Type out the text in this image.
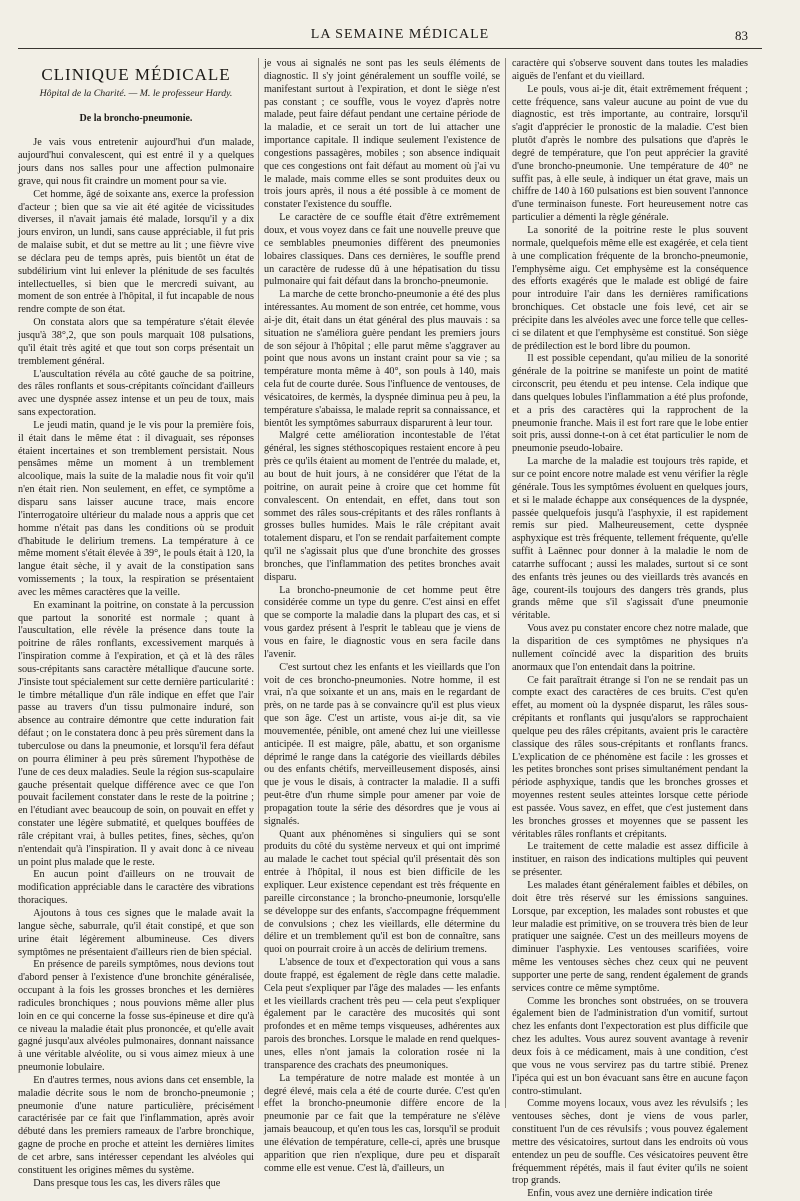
LA SEMAINE MÉDICALE	83
CLINIQUE MÉDICALE
Hôpital de la Charité. — M. le professeur Hardy.
De la broncho-pneumonie.

Je vais vous entretenir aujourd'hui d'un malade, aujourd'hui convalescent, qui est entré il y a quelques jours dans nos salles pour une affection pulmonaire grave, qui nous fit craindre un moment pour sa vie.

Cet homme, âgé de soixante ans, exerce la profession d'acteur ; bien que sa vie ait été agitée de vicissitudes diverses, il n'avait jamais été malade, lorsqu'il y a dix jours environ, un lundi, sans cause appréciable, il fut pris de malaise subit, et dut se mettre au lit ; une fièvre vive se déclara peu de temps après, puis bientôt un état de subdélirium vint lui enlever la plénitude de ses facultés intellectuelles, si bien que le mercredi suivant, au moment de son entrée à l'hôpital, il fut incapable de nous rendre compte de son état.

On constata alors que sa température s'était élevée jusqu'à 38°,2, que son pouls marquait 108 pulsations, qu'il était très agité et que tout son corps présentait un tremblement général.

L'auscultation révéla au côté gauche de sa poitrine, des râles ronflants et sous-crépitants coïncidant d'ailleurs avec une dyspnée assez intense et un peu de toux, mais sans expectoration.

Le jeudi matin, quand je le vis pour la première fois, il était dans le même état : il divaguait, ses réponses étaient incertaines et son tremblement persistait. Nous pensâmes même un moment à un tremblement alcoolique, mais la suite de la maladie nous fit voir qu'il n'en était rien. Non seulement, en effet, ce symptôme a disparu sans laisser aucune trace, mais encore l'interrogatoire ultérieur du malade nous a appris que cet homme n'était pas dans les conditions où se produit d'habitude le delirium tremens. La température à ce même moment s'était élevée à 39°, le pouls était à 120, la langue était sèche, il y avait de la constipation sans vomissements ; la toux, la respiration se présentaient avec les mêmes caractères que la veille.

En examinant la poitrine, on constate à la percussion que partout la sonorité est normale ; quant à l'auscultation, elle révèle la présence dans toute la poitrine de râles ronflants, excessivement marqués à l'inspiration comme à l'expiration, et çà et là des râles sous-crépitants sans caractère métallique d'aucune sorte. J'insiste tout spécialement sur cette dernière particularité : le timbre métallique d'un râle indique en effet que l'air passe au travers d'un tissu pulmonaire induré, son absence au contraire démontre que cette induration fait défaut ; on le constatera donc à peu près sûrement dans la tuberculose ou dans la pneumonie, et lorsqu'il fera défaut on pourra éliminer à peu près sûrement l'hypothèse de l'une de ces deux maladies. Seule la région sus-scapulaire gauche présentait quelque différence avec ce que l'on pouvait facilement constater dans le reste de la poitrine ; en l'étudiant avec beaucoup de soin, on pouvait en effet y constater une légère submatité, et quelques bouffées de râle crépitant vrai, à bulles petites, fines, sèches, qu'on n'entendait qu'à l'inspiration. Il y avait donc à ce niveau un point plus malade que le reste.

En aucun point d'ailleurs on ne trouvait de modification appréciable dans le caractère des vibrations thoraciques.

Ajoutons à tous ces signes que le malade avait la langue sèche, saburrale, qu'il était constipé, et que son urine était légèrement albumineuse. Ces divers symptômes ne présentaient d'ailleurs rien de bien spécial.

En présence de pareils symptômes, nous devions tout d'abord penser à l'existence d'une bronchite généralisée, occupant à la fois les grosses bronches et les dernières radicules bronchiques ; nous pouvions même aller plus loin en ce qui concerne la fosse sus-épineuse et dire qu'à ce niveau la maladie était plus prononcée, et qu'elle avait gagné jusqu'aux alvéoles pulmonaires, donnant naissance à une véritable alvéolite, ou si vous aimez mieux à une pneumonie lobulaire.

En d'autres termes, nous avions dans cet ensemble, la maladie décrite sous le nom de broncho-pneumonie ; pneumonie d'une nature particulière, précisément caractérisée par ce fait que l'inflammation, après avoir débuté dans les premiers rameaux de l'arbre bronchique, gagne de proche en proche et atteint les dernières limites de cet arbre, sans intéresser cependant les alvéoles qui constituent les origines mêmes du système.

Dans presque tous les cas, les divers râles que

je vous ai signalés ne sont pas les seuls éléments de diagnostic. Il s'y joint généralement un souffle voilé, se manifestant surtout à l'expiration, et dont le siège n'est pas constant ; ce souffle, vous le voyez d'après notre malade, peut faire défaut pendant une certaine période de la maladie, et ce serait un tort de lui attacher une importance capitale. Il indique seulement l'existence de congestions passagères, mobiles ; son absence indiquait que ces congestions ont fait défaut au moment où j'ai vu le malade, mais comme elles se sont produites deux ou trois jours après, il nous a été possible à ce moment de constater l'existence du souffle.

Le caractère de ce souffle était d'être extrêmement doux, et vous voyez dans ce fait une nouvelle preuve que ce semblables pneumonies diffèrent des pneumonies lobaires classiques. Dans ces dernières, le souffle prend un caractère de rudesse dû à une hépatisation du tissu pulmonaire qui fait défaut dans la broncho-pneumonie.

La marche de cette broncho-pneumonie a été des plus intéressantes. Au moment de son entrée, cet homme, vous ai-je dit, était dans un état général des plus mauvais : sa situation ne s'améliora guère pendant les premiers jours de son séjour à l'hôpital ; elle parut même s'aggraver au point que nous avons un instant craint pour sa vie ; sa température monta même à 40°, son pouls à 140, mais cela fut de courte durée. Sous l'influence de ventouses, de vésicatoires, de kermès, la dyspnée diminua peu à peu, la température s'abaissa, le malade reprit sa connaissance, et bientôt les symptômes saburraux disparurent à leur tour.

Malgré cette amélioration incontestable de l'état général, les signes stéthoscopiques restaient encore à peu près ce qu'ils étaient au moment de l'entrée du malade, et, au bout de huit jours, à ne considérer que l'état de la poitrine, on aurait peine à croire que cet homme fût convalescent. On entendait, en effet, dans tout son sommet des râles sous-crépitants et des râles ronflants à grosses bulles humides. Mais le râle crépitant avait totalement disparu, et l'on se rendait parfaitement compte qu'il ne s'agissait plus que d'une bronchite des grosses bronches, que l'inflammation des petites bronches avait disparu.

La broncho-pneumonie de cet homme peut être considérée comme un type du genre. C'est ainsi en effet que se comporte la maladie dans la plupart des cas, et si vous gardez présent à l'esprit le tableau que je viens de vous en faire, le diagnostic vous en sera facile dans l'avenir.

C'est surtout chez les enfants et les vieillards que l'on voit de ces broncho-pneumonies. Notre homme, il est vrai, n'a que soixante et un ans, mais en le regardant de près, on ne tarde pas à se convaincre qu'il est plus vieux que son âge. C'est un artiste, vous ai-je dit, sa vie mouvementée, pénible, ont amené chez lui une vieillesse anticipée. Il est maigre, pâle, abattu, et son organisme déprimé le range dans la catégorie des vieillards débiles ou des enfants chétifs, merveilleusement disposés, ainsi que je vous le disais, à contracter la maladie. Il a suffi peut-être d'un rhume simple pour amener par voie de propagation toute la série des désordres que je vous ai signalés.

Quant aux phénomènes si singuliers qui se sont produits du côté du système nerveux et qui ont imprimé au malade le cachet tout spécial qu'il présentait dès son entrée à l'hôpital, il nous est bien difficile de les expliquer. Leur existence cependant est très fréquente en pareille circonstance ; la broncho-pneumonie, lorsqu'elle se développe sur des enfants, s'accompagne fréquemment de convulsions ; chez les vieillards, elle détermine du délire et un tremblement qu'il est bon de connaître, sans quoi on pourrait croire à un accès de delirium tremens.

L'absence de toux et d'expectoration qui vous a sans doute frappé, est également de règle dans cette maladie. Cela peut s'expliquer par l'âge des malades — les enfants et les vieillards crachent très peu — cela peut s'expliquer également par le caractère des mucosités qui sont profondes et en même temps visqueuses, adhérentes aux parois des bronches. Lorsque le malade en rend quelques-unes, elles n'ont jamais la coloration rosée ni la transparence des crachats des pneumoniques.

La température de notre malade est montée à un degré élevé, mais cela a été de courte durée. C'est qu'en effet la broncho-pneumonie diffère encore de la pneumonie par ce fait que la température ne s'élève jamais beaucoup, et qu'en tous les cas, lorsqu'il se produit une élévation de température, celle-ci, après une brusque apparition que rien n'explique, dure peu et disparaît comme elle est venue. C'est là, d'ailleurs, un

caractère qui s'observe souvent dans toutes les maladies aiguës de l'enfant et du vieillard.

Le pouls, vous ai-je dit, était extrêmement fréquent ; cette fréquence, sans valeur aucune au point de vue du diagnostic, est très importante, au contraire, lorsqu'il s'agit d'apprécier le pronostic de la maladie. C'est bien plutôt d'après le nombre des pulsations que d'après le degré de température, que l'on peut apprécier la gravité d'une broncho-pneumonie. Une température de 40° ne suffit pas, à elle seule, à indiquer un état grave, mais un chiffre de 140 à 160 pulsations est bien souvent l'annonce d'une terminaison funeste. Fort heureusement notre cas particulier a démenti la règle générale.

La sonorité de la poitrine reste le plus souvent normale, quelquefois même elle est exagérée, et cela tient à une complication fréquente de la broncho-pneumonie, l'emphysème aigu. Cet emphysème est la conséquence des efforts exagérés que le malade est obligé de faire pour introduire l'air dans les dernières ramifications bronchiques. Cet obstacle une fois levé, cet air se précipite dans les alvéoles avec une force telle que celles-ci se dilatent et que l'emphysème est constitué. Son siège de prédilection est le bord libre du poumon.

Il est possible cependant, qu'au milieu de la sonorité générale de la poitrine se manifeste un point de matité circonscrit, peu étendu et peu intense. Cela indique que dans quelques lobules l'inflammation a été plus profonde, et a pris des caractères qui la rapprochent de la pneumonie franche. Mais il est fort rare que le lobe entier soit pris, aussi donne-t-on à cet état particulier le nom de pneumonie pseudo-lobaire.

La marche de la maladie est toujours très rapide, et sur ce point encore notre malade est venu vérifier la règle générale. Tous les symptômes évoluent en quelques jours, et si le malade échappe aux conséquences de la dyspnée, passée quelquefois jusqu'à l'asphyxie, il est rapidement remis sur pied. Malheureusement, cette dyspnée asphyxique est très fréquente, tellement fréquente, qu'elle suffit à Laënnec pour donner à la maladie le nom de catarrhe suffocant ; aussi les malades, surtout si ce sont des enfants très jeunes ou des vieillards très avancés en âge, courent-ils toujours des dangers très grands, plus grands même que s'il s'agissait d'une pneumonie véritable.

Vous avez pu constater encore chez notre malade, que la disparition de ces symptômes ne physiques n'a nullement coïncidé avec la disparition des bruits anormaux que l'on entendait dans la poitrine.

Ce fait paraîtrait étrange si l'on ne se rendait pas un compte exact des caractères de ces bruits. C'est qu'en effet, au moment où la dyspnée disparut, les râles sous-crépitants et ronflants qui jusqu'alors se rapprochaient quelque peu des râles crépitants, avaient pris le caractère classique des râles sous-crépitants et ronflants francs. L'explication de ce phénomène est facile : les grosses et les petites bronches sont prises simultanément pendant la période asphyxique, tandis que les bronches grosses et moyennes restent seules atteintes lorsque cette période est passée. Vous savez, en effet, que c'est justement dans les bronches grosses et moyennes que se passent les véritables râles ronflants et crépitants.

Le traitement de cette maladie est assez difficile à instituer, en raison des indications multiples qui peuvent se présenter.

Les malades étant généralement faibles et débiles, on doit être très réservé sur les émissions sanguines. Lorsque, par exception, les malades sont robustes et que leur maladie est primitive, on se trouvera très bien de leur pratiquer une saignée. C'est un des meilleurs moyens de diminuer l'asphyxie. Les ventouses scarifiées, voire même les ventouses sèches chez ceux qui ne peuvent supporter une perte de sang, rendent également de grands services contre ce même symptôme.

Comme les bronches sont obstruées, on se trouvera également bien de l'administration d'un vomitif, surtout chez les enfants dont l'expectoration est plus difficile que chez les adultes. Vous aurez souvent avantage à revenir deux fois à ce médicament, mais à une condition, c'est que vous ne vous servirez pas du tartre stibié. Prenez l'ipéca qui est un bon évacuant sans être en aucune façon contro-stimulant.

Comme moyens locaux, vous avez les révulsifs ; les ventouses sèches, dont je viens de vous parler, constituent l'un de ces révulsifs ; vous pouvez également mettre des vésicatoires, surtout dans les endroits où vous entendez un peu de souffle. Ces vésicatoires peuvent être fréquemment répétés, mais il faut éviter qu'ils ne soient trop grands.

Enfin, vous avez une dernière indication tirée
